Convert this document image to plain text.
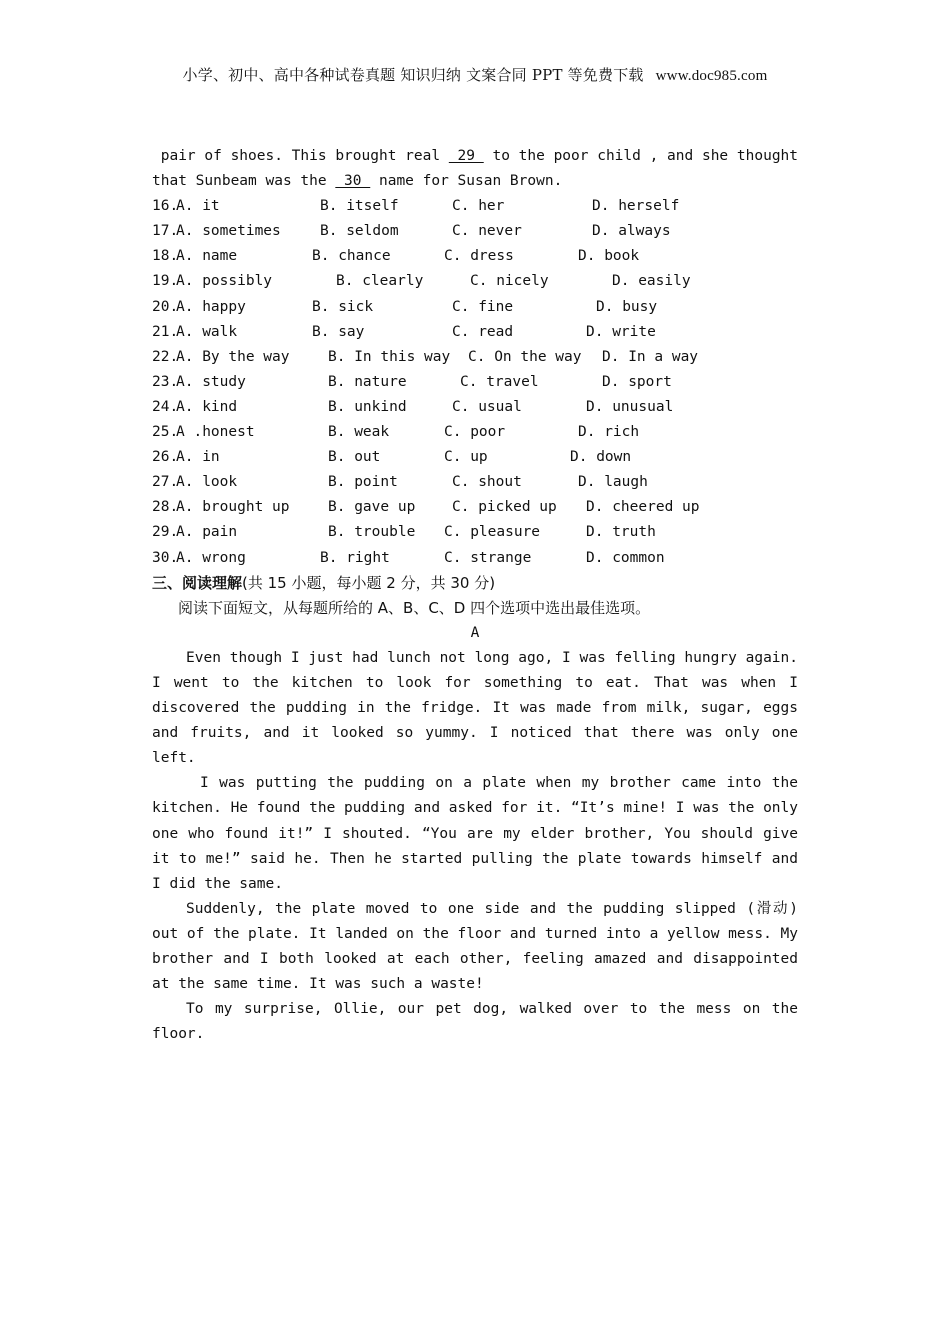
小学、初中、高中各种试卷真题 知识归纳 文案合同 PPT 等免费下载 www.doc985.com
pair of shoes. This brought real  29  to the poor child , and she thought
that Sunbeam was the  30  name for Susan Brown.
16.
A. it	B. itself	C. her	D. herself
17.
A. sometimes	B. seldom	C. never	D. always
18.
A. name	B. chance	C. dress	D. book
19.
A. possibly	B. clearly	C. nicely	D. easily
20.
A. happy	B. sick	C. fine	D. busy
21.
A. walk	B. say	C. read	D. write
22.
A. By the way	B. In this way C. On the way D. In a way
23.
A. study	B. nature	C. travel	D. sport
24.
A. kind	B. unkind	C. usual	D. unusual
25.
A .honest	B. weak	C. poor	D. rich
26.
A. in	B. out	C. up	D. down
27.
A. look	B. point	C. shout	D. laugh
28.
A. brought up	B. gave up	C. picked up D. cheered up
29.
A. pain	B. trouble C. pleasure	D. truth
30.
A. wrong	B. right	C. strange	D. common
三、阅读理解(共 15 小题，每小题 2 分，共 30 分)
阅读下面短文，从每题所给的 A、B、C、D 四个选项中选出最佳选项。
A

Even though I just had lunch not long ago, I was felling hungry again. I went to the kitchen to look for something to eat. That was when I discovered the pudding in the fridge. It was made from milk, sugar, eggs and fruits, and it looked so yummy. I noticed that there was only one left.

I was putting the pudding on a plate when my brother came into the kitchen. He found the pudding and asked for it. “It’s mine! I was the only one who found it!” I shouted. “You are my elder brother, You should give it to me!” said he. Then he started pulling the plate towards himself and I did the same.

Suddenly, the plate moved to one side and the pudding slipped (滑动) out of the plate. It landed on the floor and turned into a yellow mess. My brother and I both looked at each other, feeling amazed and disappointed at the same time. It was such a waste!

To my surprise, Ollie, our pet dog, walked over to the mess on the floor.
